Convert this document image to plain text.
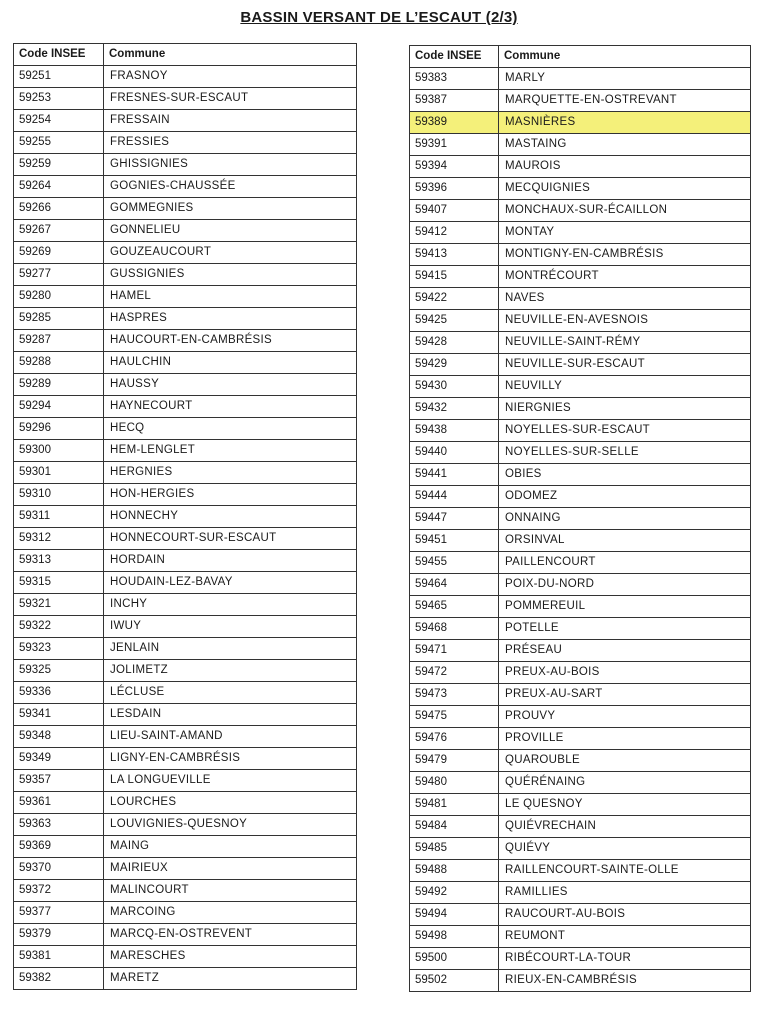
BASSIN VERSANT DE L’ESCAUT (2/3)
Code INSEE	Commune
59251	FRASNOY
59253	FRESNES-SUR-ESCAUT
59254	FRESSAIN
59255	FRESSIES
59259	GHISSIGNIES
59264	GOGNIES-CHAUSSÉE
59266	GOMMEGNIES
59267	GONNELIEU
59269	GOUZEAUCOURT
59277	GUSSIGNIES
59280	HAMEL
59285	HASPRES
59287	HAUCOURT-EN-CAMBRÉSIS
59288	HAULCHIN
59289	HAUSSY
59294	HAYNECOURT
59296	HECQ
59300	HEM-LENGLET
59301	HERGNIES
59310	HON-HERGIES
59311	HONNECHY
59312	HONNECOURT-SUR-ESCAUT
59313	HORDAIN
59315	HOUDAIN-LEZ-BAVAY
59321	INCHY
59322	IWUY
59323	JENLAIN
59325	JOLIMETZ
59336	LÉCLUSE
59341	LESDAIN
59348	LIEU-SAINT-AMAND
59349	LIGNY-EN-CAMBRÉSIS
59357	LA LONGUEVILLE
59361	LOURCHES
59363	LOUVIGNIES-QUESNOY
59369	MAING
59370	MAIRIEUX
59372	MALINCOURT
59377	MARCOING
59379	MARCQ-EN-OSTREVENT
59381	MARESCHES
59382	MARETZ
Code INSEE	Commune
59383	MARLY
59387	MARQUETTE-EN-OSTREVANT
59389	MASNIÈRES
59391	MASTAING
59394	MAUROIS
59396	MECQUIGNIES
59407	MONCHAUX-SUR-ÉCAILLON
59412	MONTAY
59413	MONTIGNY-EN-CAMBRÉSIS
59415	MONTRÉCOURT
59422	NAVES
59425	NEUVILLE-EN-AVESNOIS
59428	NEUVILLE-SAINT-RÉMY
59429	NEUVILLE-SUR-ESCAUT
59430	NEUVILLY
59432	NIERGNIES
59438	NOYELLES-SUR-ESCAUT
59440	NOYELLES-SUR-SELLE
59441	OBIES
59444	ODOMEZ
59447	ONNAING
59451	ORSINVAL
59455	PAILLENCOURT
59464	POIX-DU-NORD
59465	POMMEREUIL
59468	POTELLE
59471	PRÉSEAU
59472	PREUX-AU-BOIS
59473	PREUX-AU-SART
59475	PROUVY
59476	PROVILLE
59479	QUAROUBLE
59480	QUÉRÉNAING
59481	LE QUESNOY
59484	QUIÉVRECHAIN
59485	QUIÉVY
59488	RAILLENCOURT-SAINTE-OLLE
59492	RAMILLIES
59494	RAUCOURT-AU-BOIS
59498	REUMONT
59500	RIBÉCOURT-LA-TOUR
59502	RIEUX-EN-CAMBRÉSIS
